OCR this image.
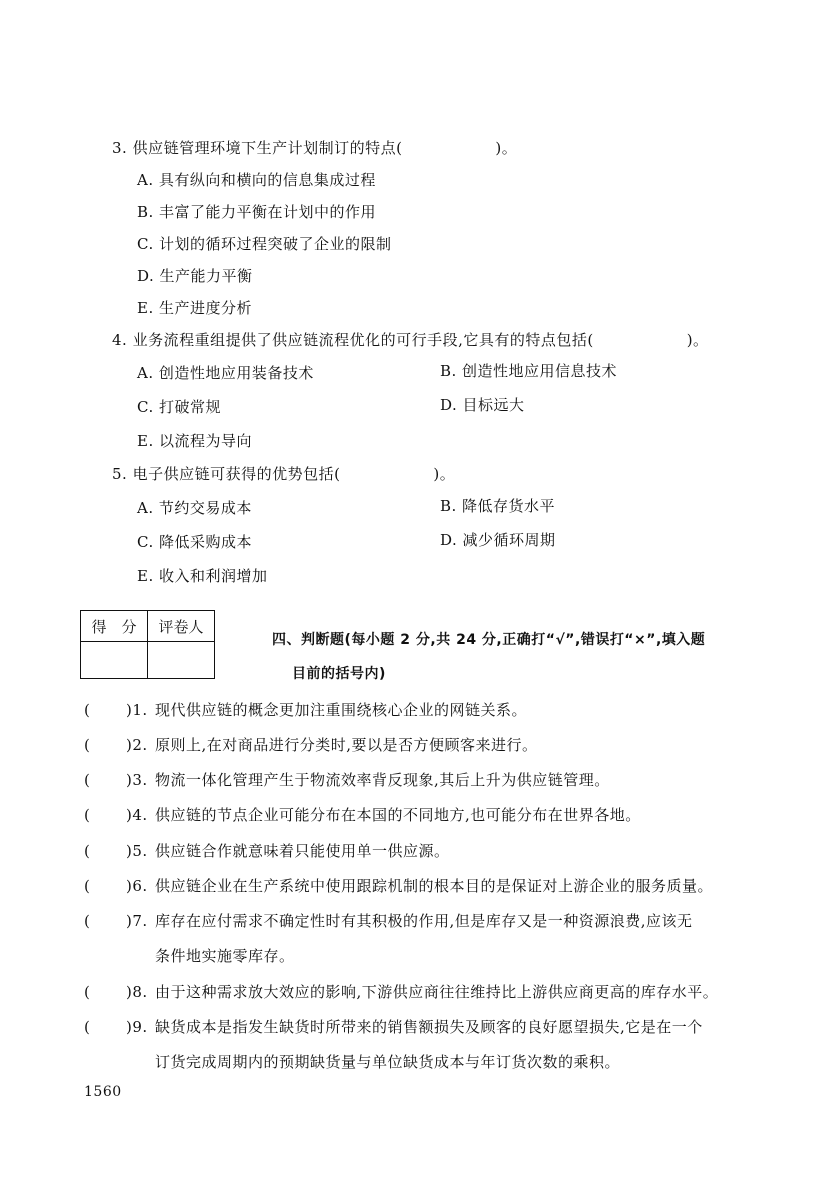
3. 供应链管理环境下生产计划制订的特点(　　　　　　)。
A. 具有纵向和横向的信息集成过程
B. 丰富了能力平衡在计划中的作用
C. 计划的循环过程突破了企业的限制
D. 生产能力平衡
E. 生产进度分析
4. 业务流程重组提供了供应链流程优化的可行手段,它具有的特点包括(　　　　　　)。
A. 创造性地应用装备技术	B. 创造性地应用信息技术
C. 打破常规	D. 目标远大
E. 以流程为导向
5. 电子供应链可获得的优势包括(　　　　　　)。
A. 节约交易成本	B. 降低存货水平
C. 降低采购成本	D. 减少循环周期
E. 收入和利润增加
得　分	评卷人

四、判断题(每小题 2 分,共 24 分,正确打“√”,错误打“×”,填入题
目前的括号内)
( )1. 现代供应链的概念更加注重围绕核心企业的网链关系。
( )2. 原则上,在对商品进行分类时,要以是否方便顾客来进行。
( )3. 物流一体化管理产生于物流效率背反现象,其后上升为供应链管理。
( )4. 供应链的节点企业可能分布在本国的不同地方,也可能分布在世界各地。
( )5. 供应链合作就意味着只能使用单一供应源。
( )6. 供应链企业在生产系统中使用跟踪机制的根本目的是保证对上游企业的服务质量。
( )7. 库存在应付需求不确定性时有其积极的作用,但是库存又是一种资源浪费,应该无
条件地实施零库存。
( )8. 由于这种需求放大效应的影响,下游供应商往往维持比上游供应商更高的库存水平。
( )9. 缺货成本是指发生缺货时所带来的销售额损失及顾客的良好愿望损失,它是在一个
订货完成周期内的预期缺货量与单位缺货成本与年订货次数的乘积。
1560
